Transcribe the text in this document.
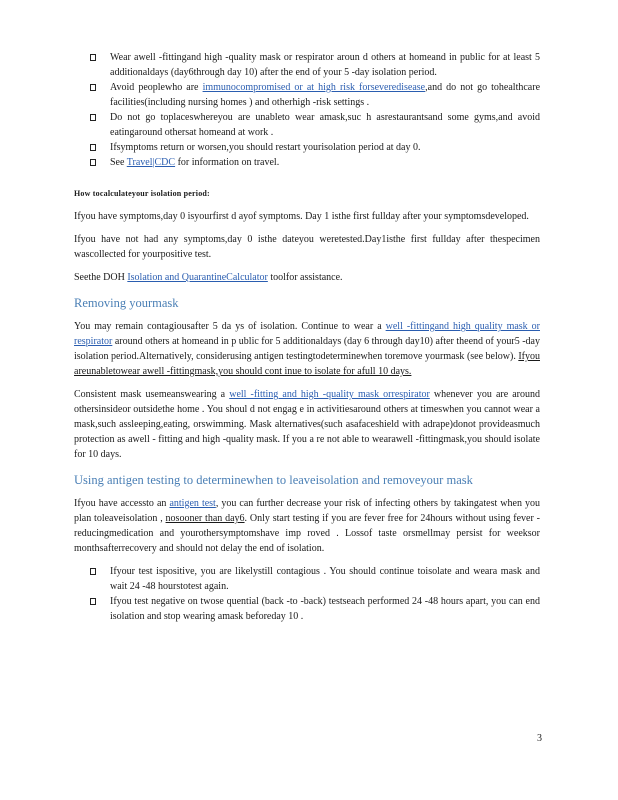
Wear awell -fittingand high -quality mask or respirator aroun d others at homeand in public for at least 5 additionaldays (day6through day 10) after the end of your 5 -day isolation period.
Avoid peoplewho are immunocompromised or at high risk forseveredisease,and do not go tohealthcare facilities(including nursing homes ) and otherhigh -risk settings .
Do not go toplaceswhereyou are unableto wear amask,suc h asrestaurantsand some gyms,and avoid eatingaround othersat homeand at work .
Ifsymptoms return or worsen,you should restart yourisolation period at day 0.
See Travel|CDC for information on travel.
How tocalculateyour isolation period:

Ifyou have symptoms,day 0 isyourfirst d ayof symptoms. Day 1 isthe first fullday after your symptomsdeveloped.

Ifyou have not had any symptoms,day 0 isthe dateyou weretested.Day1isthe first fullday after thespecimen wascollected for yourpositive test.

Seethe DOH Isolation and QuarantineCalculator toolfor assistance.

Removing yourmask

You may remain contagiousafter 5 da ys of isolation. Continue to wear a well -fittingand high quality mask or respirator around others at homeand in p ublic for 5 additionaldays (day 6 through day10) after theend of your5 -day isolation period.Alternatively, considerusing antigen testingtodeterminewhen toremove yourmask (see below). Ifyou areunabletowear awell -fittingmask,you should cont inue to isolate for afull 10 days.

Consistent mask usemeanswearing a well -fitting and high -quality mask orrespirator whenever you are around othersinsideor outsidethe home . You shoul d not engag e in activitiesaround others at timeswhen you cannot wear a mask,such assleeping,eating, orswimming. Mask alternatives(such asafaceshield with adrape)donot provideasmuch protection as awell - fitting and high -quality mask. If you a re not able to wearawell -fittingmask,you should isolate for 10 days.

Using antigen testing to determinewhen to leaveisolation and removeyour mask

Ifyou have accessto an antigen test, you can further decrease your risk of infecting others by takingatest when you plan toleaveisolation , nosooner than day6. Only start testing if you are fever free for 24hours without using fever -reducingmedication and yourothersymptomshave imp roved . Lossof taste orsmellmay persist for weeksor monthsafterrecovery and should not delay the end of isolation.

Ifyour test ispositive, you are likelystill contagious . You should continue toisolate and weara mask and wait 24 -48 hourstotest again.
Ifyou test negative on twose quential (back -to -back) testseach performed 24 -48 hours apart, you can end isolation and stop wearing amask beforeday 10 .
3
